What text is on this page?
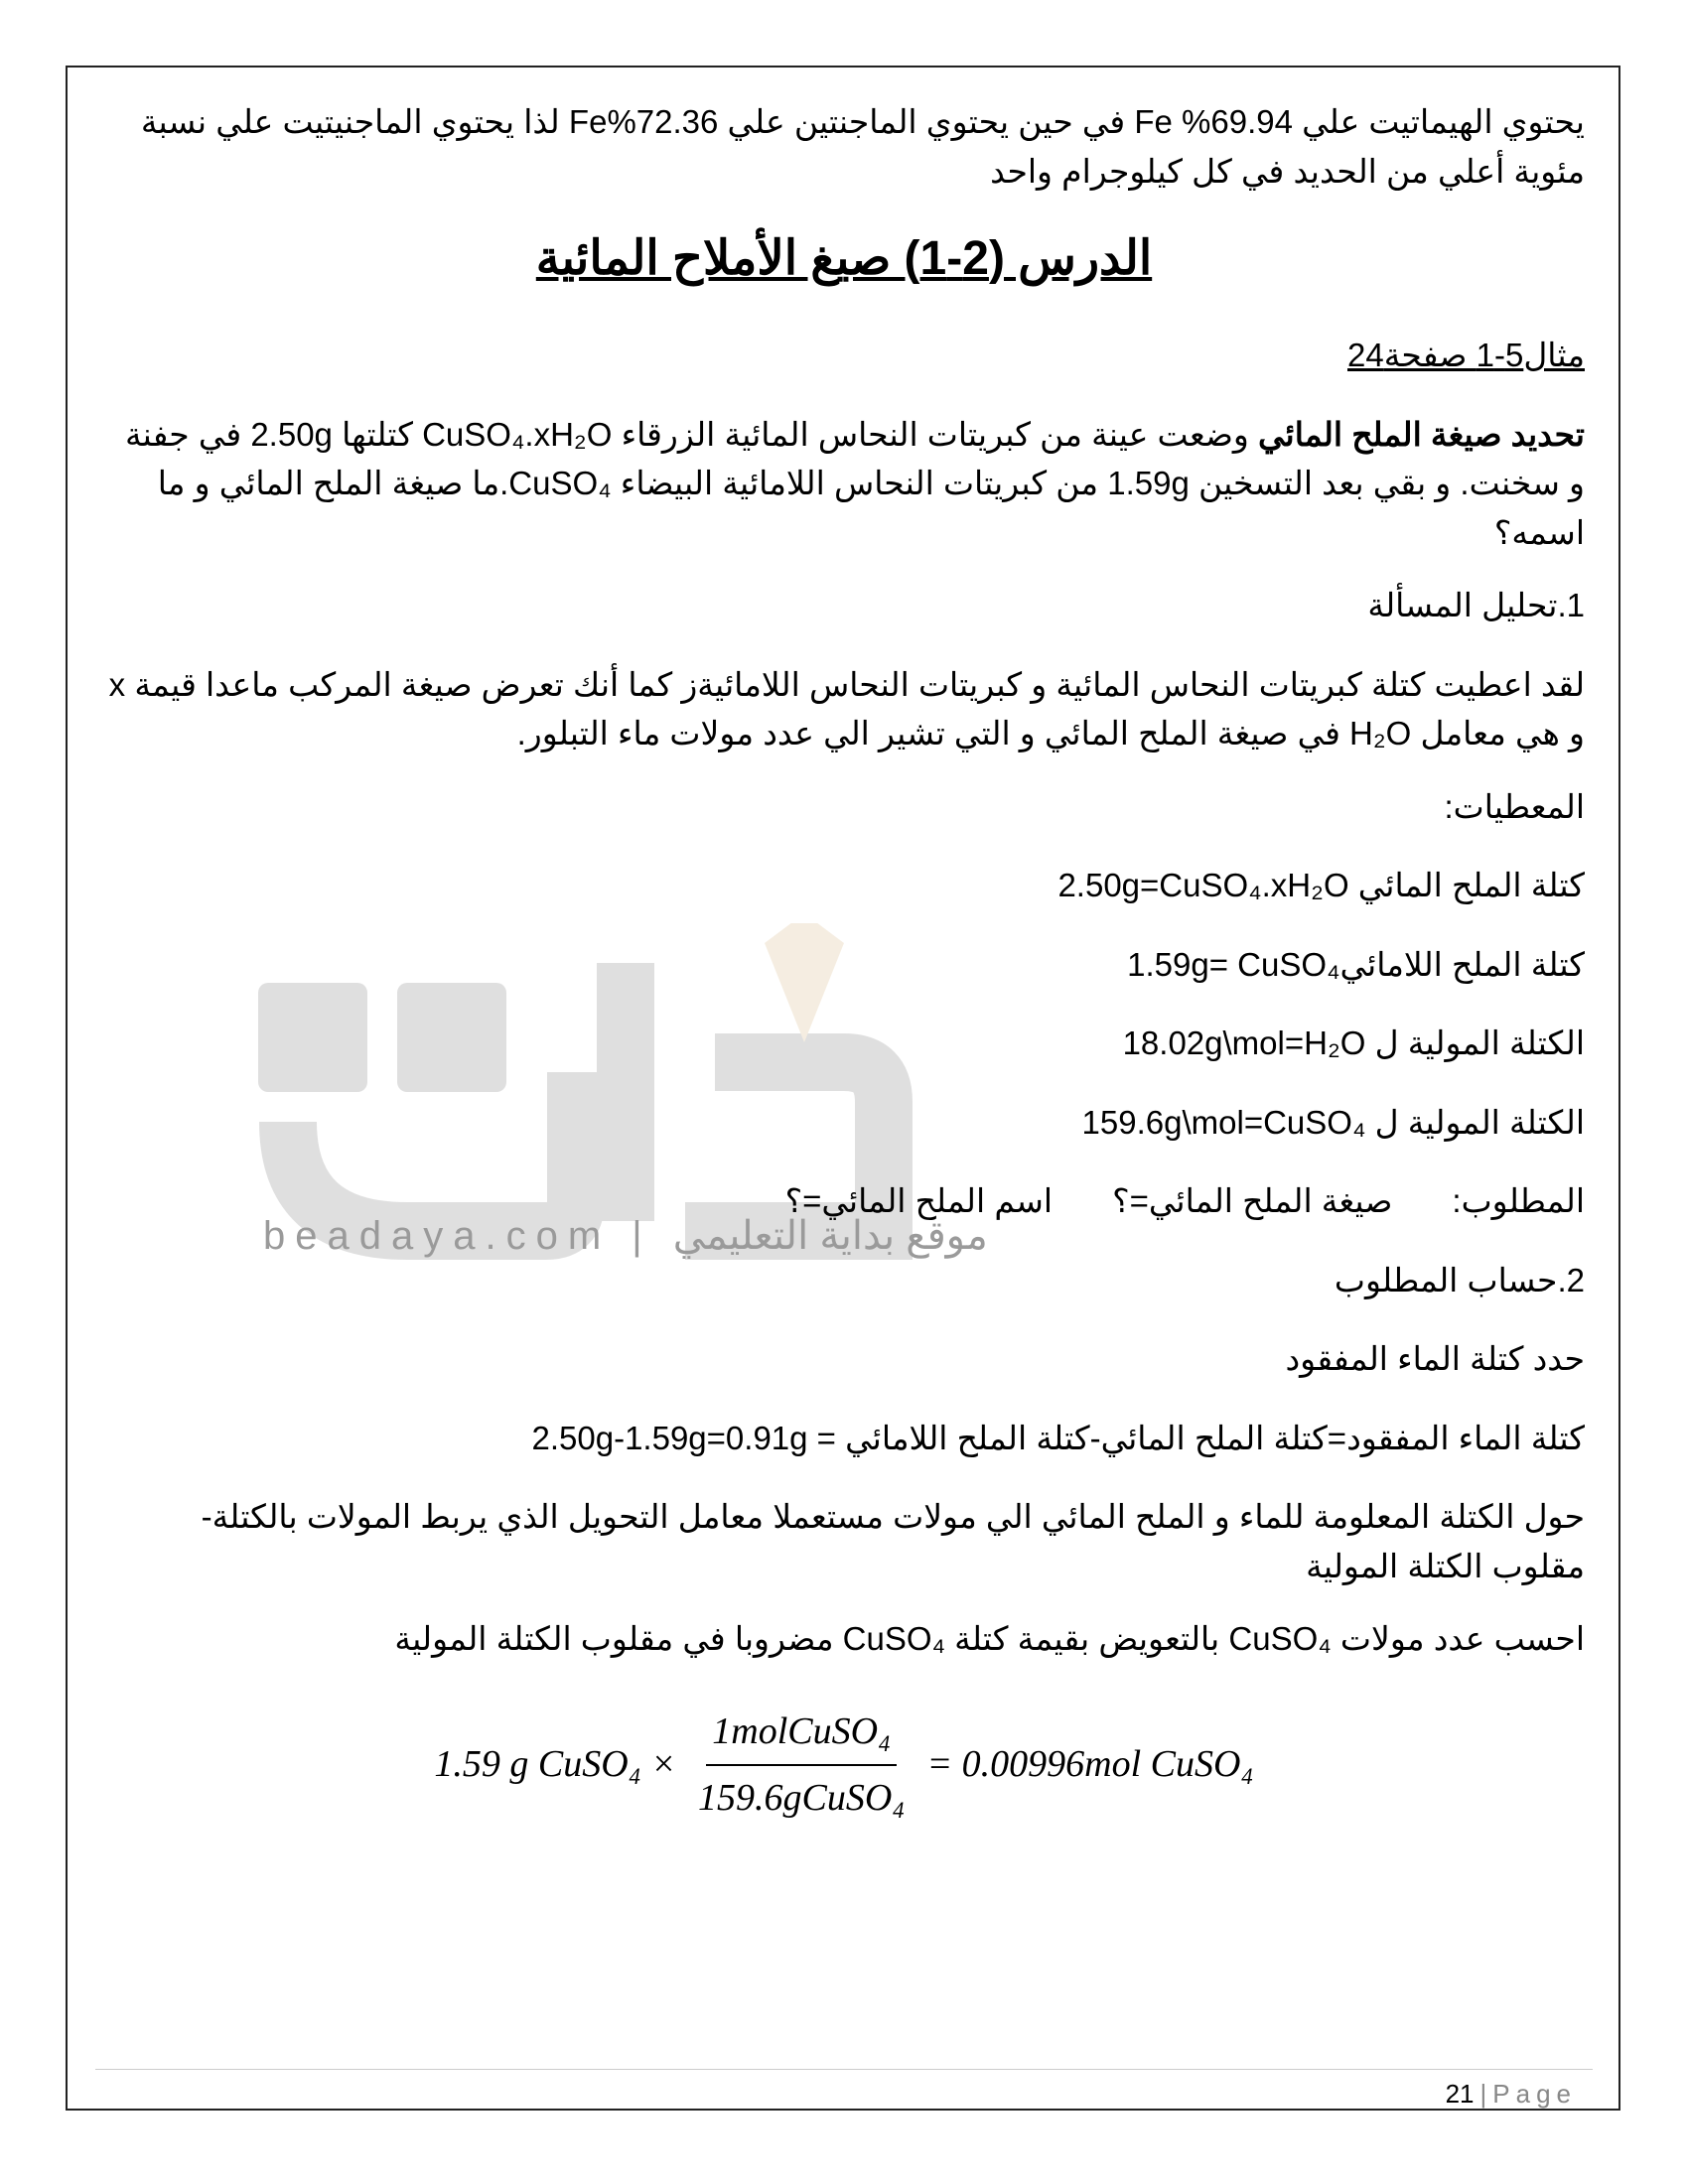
beadaya.com | موقع بداية التعليمي

يحتوي الهيماتيت علي 69.94% Fe في حين يحتوي الماجنتين علي 72.36%Fe لذا يحتوي الماجنيتيت علي نسبة مئوية أعلي من الحديد في كل كيلوجرام واحد

الدرس (2-1) صيغ الأملاح المائية

مثال5-1 صفحة24

تحديد صيغة الملح المائي وضعت عينة من كبريتات النحاس المائية الزرقاء CuSO₄.xH₂O كتلتها 2.50g في جفنة و سخنت. و بقي بعد التسخين 1.59g من كبريتات النحاس اللامائية البيضاء CuSO₄.ما صيغة الملح المائي و ما اسمه؟

1.تحليل المسألة

لقد اعطيت كتلة كبريتات النحاس المائية و كبريتات النحاس اللامائيةز كما أنك تعرض صيغة المركب ماعدا قيمة x و هي معامل H₂O في صيغة الملح المائي و التي تشير الي عدد مولات ماء التبلور.

المعطيات:

كتلة الملح المائي 2.50g=CuSO₄.xH₂O

كتلة الملح اللامائي1.59g= CuSO₄

الكتلة المولية ل 18.02g\mol=H₂O

الكتلة المولية ل 159.6g\mol=CuSO₄

المطلوب:صيغة الملح المائي=؟اسم الملح المائي=؟

2.حساب المطلوب

حدد كتلة الماء المفقود

كتلة الماء المفقود=كتلة الملح المائي-كتلة الملح اللامائي = 2.50g-1.59g=0.91g

حول الكتلة المعلومة للماء و الملح المائي الي مولات مستعملا معامل التحويل الذي يربط المولات بالكتلة- مقلوب الكتلة المولية

احسب عدد مولات CuSO₄ بالتعويض بقيمة كتلة CuSO₄ مضروبا في مقلوب الكتلة المولية

1.59 g CuSO₄ × $\frac{\text{1molCuSO₄}}{\text{159.6gCuSO₄}} = 0.00996mol$ CuSO₄
21 | Page
